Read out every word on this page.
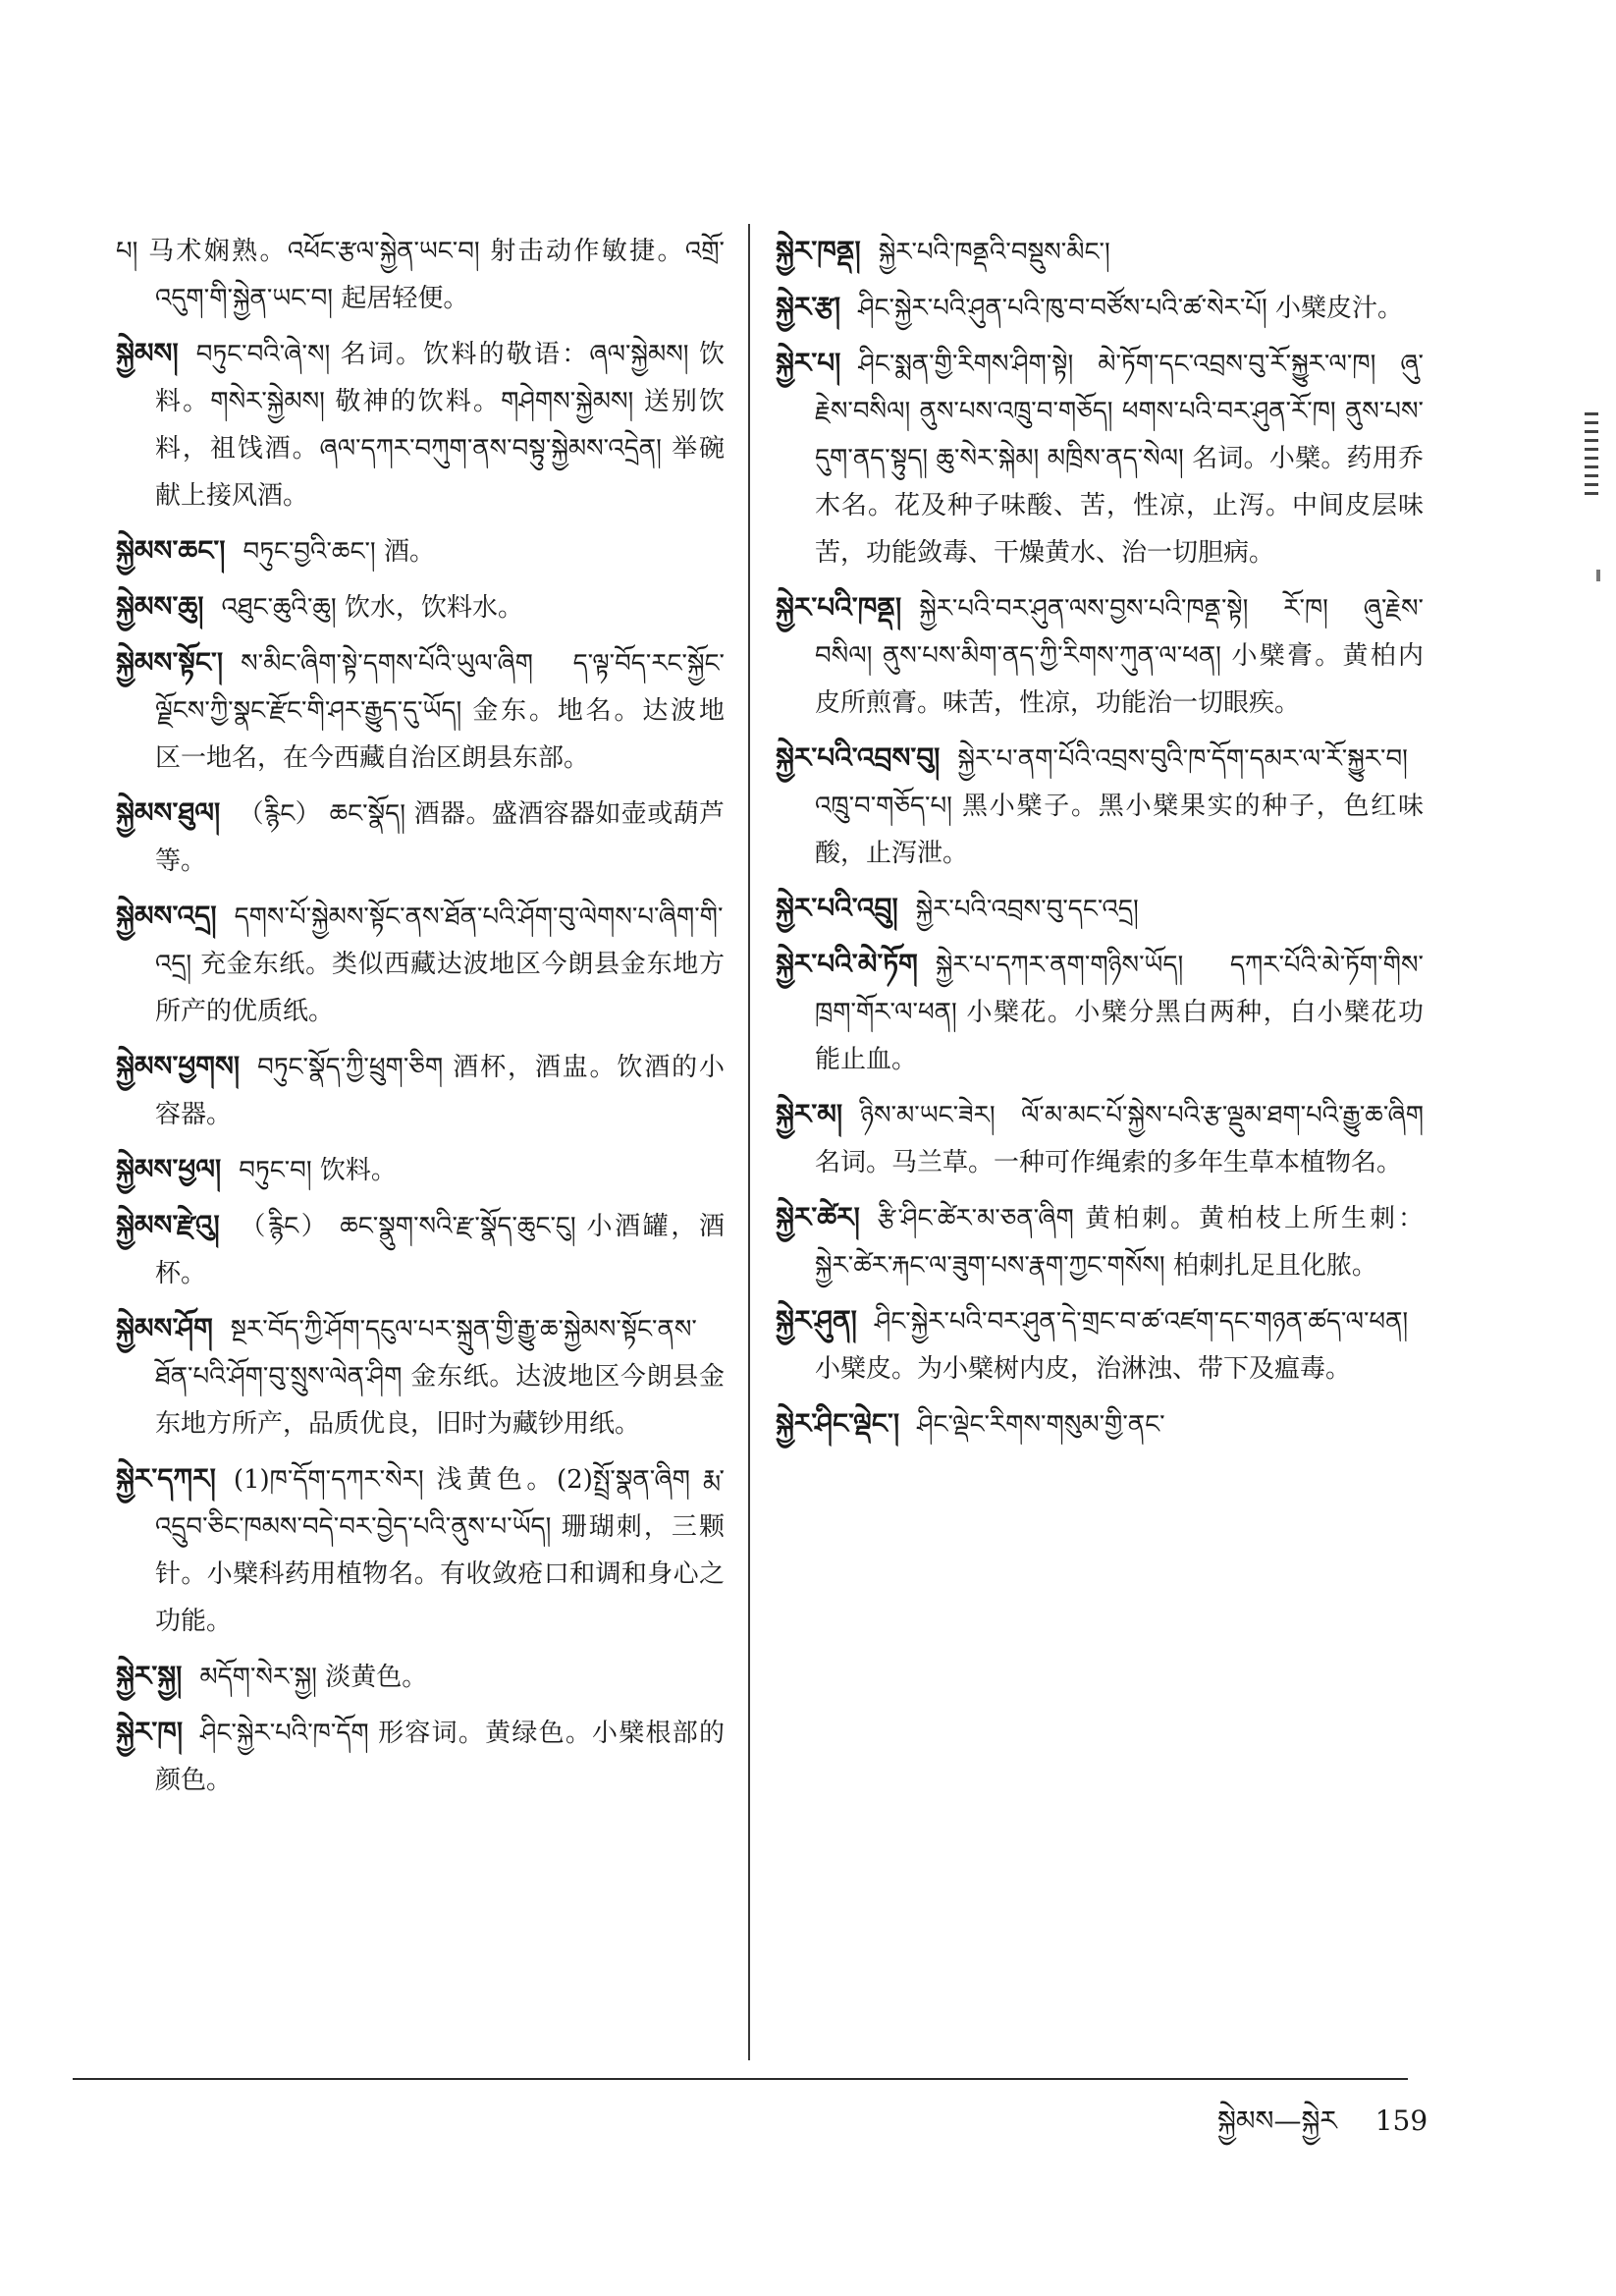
པ། 马术娴熟。འཕོང་རྩལ་སྐྱེན་ཡང་བ། 射击动作敏捷。འགྲོ་འདུག་གི་སྐྱེན་ཡང་བ། 起居轻便。
སྐྱེམས། བཏུང་བའི་ཞེ་ས། 名词。饮料的敬语：ཞལ་སྐྱེམས། 饮料。གསེར་སྐྱེམས། 敬神的饮料。གཤེགས་སྐྱེམས། 送别饮料，祖饯酒。ཞལ་དཀར་བཀུག་ནས་བསྟུ་སྐྱེམས་འདྲེན། 举碗献上接风酒。
སྐྱེམས་ཆང་། བཏུང་བྱའི་ཆང་། 酒。
སྐྱེམས་ཆུ། འཐུང་ཆུའི་ཆུ། 饮水，饮料水。
སྐྱེམས་སྟོང་། ས་མིང་ཞིག་སྟེ་དགས་པོའི་ཡུལ་ཞིག ད་ལྟ་བོད་རང་སྐྱོང་ལྗོངས་ཀྱི་སྣང་རྫོང་གི་ཤར་རྒྱུད་དུ་ཡོད། 金东。地名。达波地区一地名，在今西藏自治区朗县东部。
སྐྱེམས་ཐུལ། （རྙིང） ཆང་སྣོད། 酒器。盛酒容器如壶或葫芦等。
སྐྱེམས་འདྲ། དགས་པོ་སྐྱེམས་སྟོང་ནས་ཐོན་པའི་ཤོག་བུ་ལེགས་པ་ཞིག་གི་འདྲ། 充金东纸。类似西藏达波地区今朗县金东地方所产的优质纸。
སྐྱེམས་ཕྱགས། བཏུང་སྣོད་ཀྱི་ཕྲུག་ཅིག 酒杯，酒盅。饮酒的小容器。
སྐྱེམས་ཕྱལ། བཏུང་བ། 饮料。
སྐྱེམས་རྫེའུ། （རྙིང） ཆང་སྣུག་སའི་རྫ་སྣོད་ཆུང་ངུ། 小酒罐，酒杯。
སྐྱེམས་ཤོག སྔར་བོད་ཀྱི་ཤོག་དངུལ་པར་སྐྲུན་གྱི་རྒྱུ་ཆ་སྐྱེམས་སྟོང་ནས་ཐོན་པའི་ཤོག་བུ་སྲུས་ལེན་ཤིག 金东纸。达波地区今朗县金东地方所产，品质优良，旧时为藏钞用纸。
སྐྱེར་དཀར། (1)ཁ་དོག་དཀར་སེར། 浅黄色。(2)སྤྲོ་སྣན་ཞིག རྨ་འདྲུབ་ཅིང་ཁམས་བདེ་བར་བྱེད་པའི་ནུས་པ་ཡོད། 珊瑚刺，三颗针。小檗科药用植物名。有收敛疮口和调和身心之功能。
སྐྱེར་སྐྱ། མདོག་སེར་སྐྱ། 淡黄色。
སྐྱེར་ཁ། ཤིང་སྐྱེར་པའི་ཁ་དོག 形容词。黄绿色。小檗根部的颜色。
སྐྱེར་ཁནྡ། སྐྱེར་པའི་ཁནྡའི་བསྡུས་མིང་།
སྐྱེར་རྩ། ཤིང་སྐྱེར་པའི་ཤུན་པའི་ཁུ་བ་བཙོས་པའི་ཚ་སེར་པོ། 小檗皮汁。
སྐྱེར་པ། ཤིང་སྨན་གྱི་རིགས་ཤིག་སྟེ། མེ་ཏོག་དང་འབྲས་བུ་རོ་སྐྱུར་ལ་ཁ། ཞུ་རྗེས་བསིལ། ནུས་པས་འཁྲུ་བ་གཅོད། ཕགས་པའི་བར་ཤུན་རོ་ཁ། ནུས་པས་དུག་ནད་སྟུད། ཆུ་སེར་སྐེམ། མཁྲིས་ནད་སེལ། 名词。小檗。药用乔木名。花及种子味酸、苦，性凉，止泻。中间皮层味苦，功能敛毒、干燥黄水、治一切胆病。
སྐྱེར་པའི་ཁནྡ། སྐྱེར་པའི་བར་ཤུན་ལས་བྱས་པའི་ཁནྡ་སྟེ། རོ་ཁ། ཞུ་རྗེས་བསིལ། ནུས་པས་མིག་ནད་ཀྱི་རིགས་ཀུན་ལ་ཕན། 小檗膏。黄柏内皮所煎膏。味苦，性凉，功能治一切眼疾。
སྐྱེར་པའི་འབྲས་བུ། སྐྱེར་པ་ནག་པོའི་འབྲས་བུའི་ཁ་དོག་དམར་ལ་རོ་སྐྱུར་བ། འཁྲུ་བ་གཅོད་པ། 黑小檗子。黑小檗果实的种子，色红味酸，止泻泄。
སྐྱེར་པའི་འབྲུ། སྐྱེར་པའི་འབྲས་བུ་དང་འདྲ།
སྐྱེར་པའི་མེ་ཏོག སྐྱེར་པ་དཀར་ནག་གཉིས་ཡོད། དཀར་པོའི་མེ་ཏོག་གིས་ཁྲག་གོར་ལ་ཕན། 小檗花。小檗分黑白两种，白小檗花功能止血。
སྐྱེར་མ། ཉིས་མ་ཡང་ཟེར། ལོ་མ་མང་པོ་སྐྱེས་པའི་རྩ་ལྡུམ་ཐག་པའི་རྒྱུ་ཆ་ཞིག 名词。马兰草。一种可作绳索的多年生草本植物名。
སྐྱེར་ཚེར། རྩི་ཤིང་ཚེར་མ་ཅན་ཞིག 黄柏刺。黄柏枝上所生刺：སྐྱེར་ཚེར་རྐང་ལ་ཟུག་པས་རྣག་ཀྱང་གསོས། 柏刺扎足且化脓。
སྐྱེར་ཤུན། ཤིང་སྐྱེར་པའི་བར་ཤུན་དེ་གྲང་བ་ཚ་འཛག་དང་གཉན་ཚད་ལ་ཕན། 小檗皮。为小檗树内皮，治淋浊、带下及瘟毒。
སྐྱེར་ཤིང་ལྡེང་། ཤིང་ལྡེང་རིགས་གསུམ་གྱི་ནང་
སྐྱེམས—སྐྱེར 159
